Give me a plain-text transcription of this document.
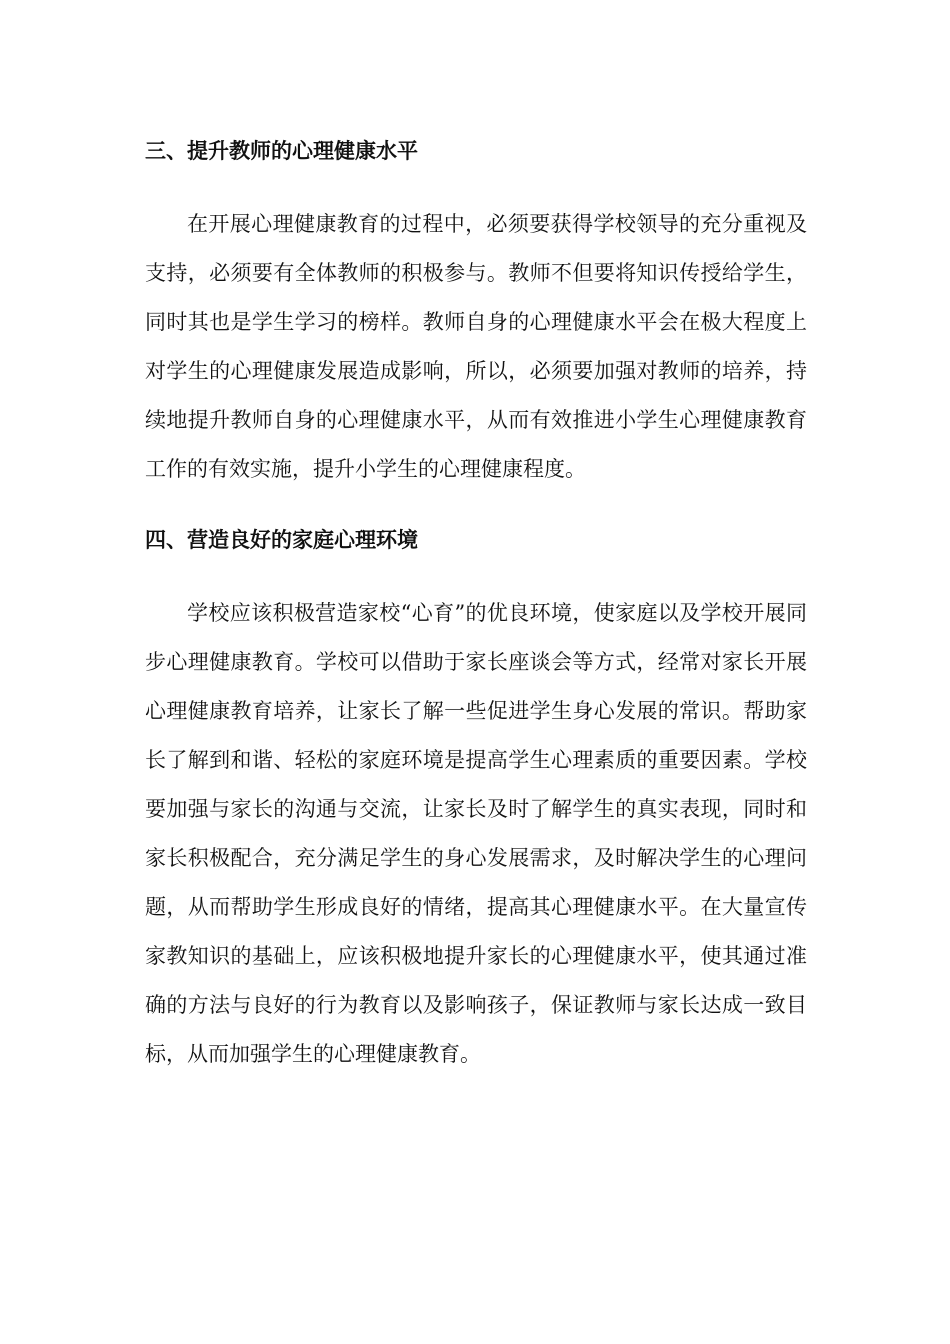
三、提升教师的心理健康水平

在开展心理健康教育的过程中，必须要获得学校领导的充分重视及支持，必须要有全体教师的积极参与。教师不但要将知识传授给学生，同时其也是学生学习的榜样。教师自身的心理健康水平会在极大程度上对学生的心理健康发展造成影响，所以，必须要加强对教师的培养，持续地提升教师自身的心理健康水平，从而有效推进小学生心理健康教育工作的有效实施，提升小学生的心理健康程度。

四、营造良好的家庭心理环境

学校应该积极营造家校“心育”的优良环境，使家庭以及学校开展同步心理健康教育。学校可以借助于家长座谈会等方式，经常对家长开展心理健康教育培养，让家长了解一些促进学生身心发展的常识。帮助家长了解到和谐、轻松的家庭环境是提高学生心理素质的重要因素。学校要加强与家长的沟通与交流，让家长及时了解学生的真实表现，同时和家长积极配合，充分满足学生的身心发展需求，及时解决学生的心理问题，从而帮助学生形成良好的情绪，提高其心理健康水平。在大量宣传家教知识的基础上，应该积极地提升家长的心理健康水平，使其通过准确的方法与良好的行为教育以及影响孩子，保证教师与家长达成一致目标，从而加强学生的心理健康教育。
